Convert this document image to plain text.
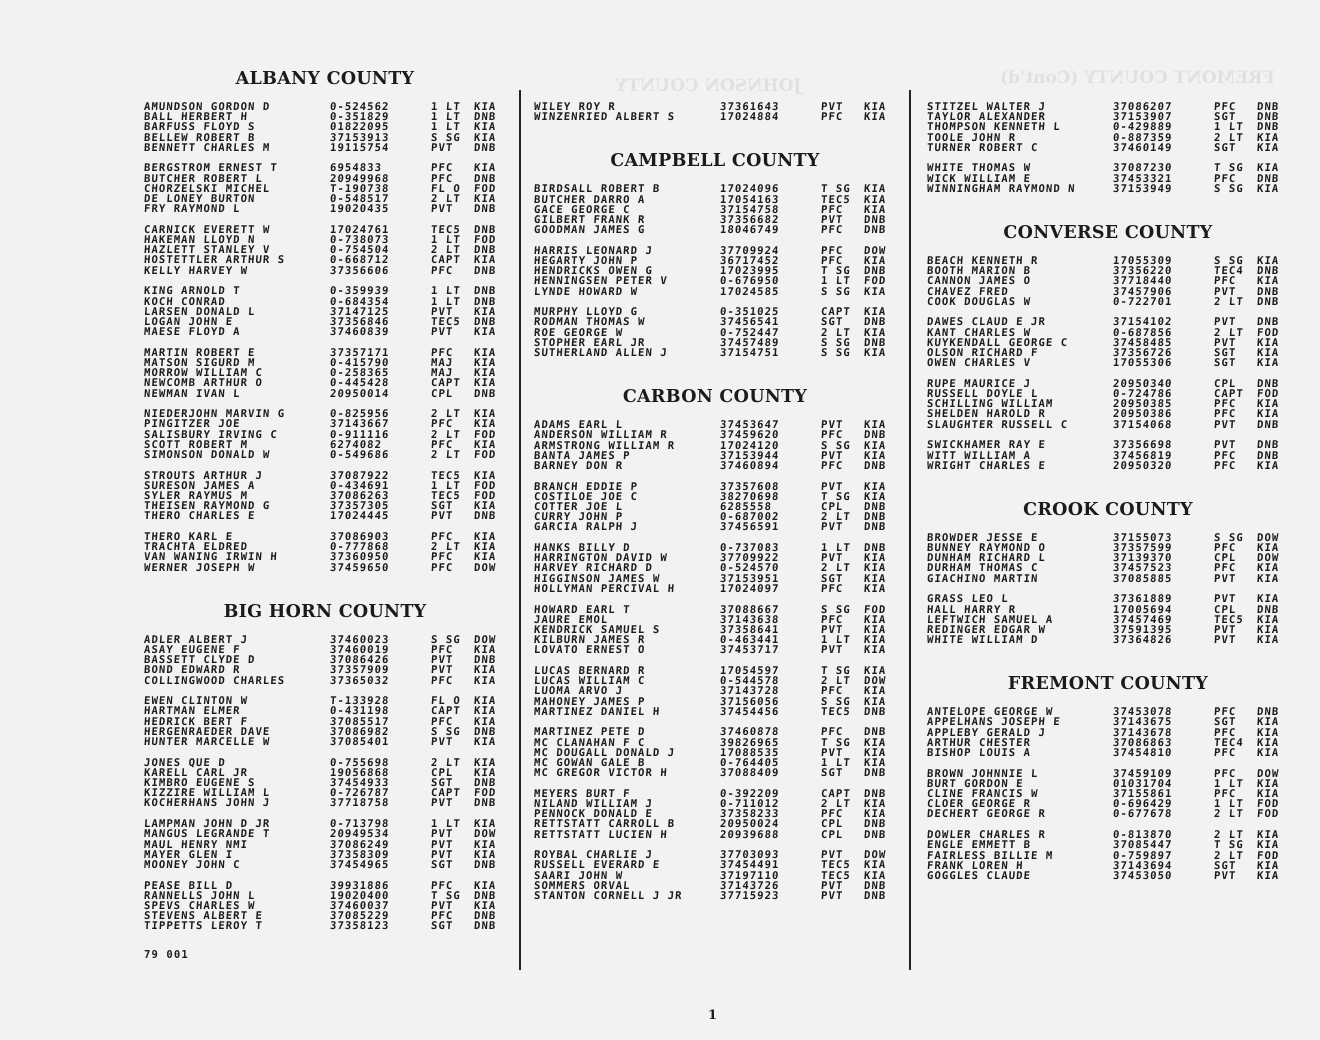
JOHNSON COUNTY	FREMONT COUNTY (Cont'd)
ALBANY COUNTY
AMUNDSON GORDON D	0-524562	1 LT KIA
BALL HERBERT H	0-351829	1 LT DNB
BARFUSS FLOYD S	01822095	1 LT KIA
BELLEW ROBERT B	37153913	S SG KIA
BENNETT CHARLES M	19115754	PVT DNB
BERGSTROM ERNEST T	6954833	PFC KIA
BUTCHER ROBERT L	20949968	PFC DNB
CHORZELSKI MICHEL	T-190738	FL O FOD
DE LONEY BURTON	0-548517	2 LT KIA
FRY RAYMOND L	19020435	PVT DNB
CARNICK EVERETT W	17024761	TEC5 DNB
HAKEMAN LLOYD N	0-738073	1 LT FOD
HAZLETT STANLEY V	0-754504	2 LT DNB
HOSTETTLER ARTHUR S	0-668712	CAPT KIA
KELLY HARVEY W	37356606	PFC DNB
KING ARNOLD T	0-359939	1 LT DNB
KOCH CONRAD	0-684354	1 LT DNB
LARSEN DONALD L	37147125	PVT KIA
LOGAN JOHN E	37356846	TEC5 DNB
MAESE FLOYD A	37460839	PVT KIA
MARTIN ROBERT E	37357171	PFC KIA
MATSON SIGURD M	0-415790	MAJ KIA
MORROW WILLIAM C	0-258365	MAJ KIA
NEWCOMB ARTHUR O	0-445428	CAPT KIA
NEWMAN IVAN L	20950014	CPL DNB
NIEDERJOHN MARVIN G	0-825956	2 LT KIA
PINGITZER JOE	37143667	PFC KIA
SALISBURY IRVING C	0-911116	2 LT FOD
SCOTT ROBERT M	6274082	PFC KIA
SIMONSON DONALD W	0-549686	2 LT FOD
STROUTS ARTHUR J	37087922	TEC5 KIA
SURESON JAMES A	0-434691	1 LT FOD
SYLER RAYMUS M	37086263	TEC5 FOD
THEISEN RAYMOND G	37357305	SGT KIA
THERO CHARLES E	17024445	PVT DNB
THERO KARL E	37086903	PFC KIA
TRACHTA ELDRED	0-777868	2 LT KIA
VAN WANING IRWIN H	37360950	PFC KIA
WERNER JOSEPH W	37459650	PFC DOW
BIG HORN COUNTY
ADLER ALBERT J	37460023	S SG DOW
ASAY EUGENE F	37460019	PFC KIA
BASSETT CLYDE D	37086426	PVT DNB
BOND EDWARD R	37357909	PVT KIA
COLLINGWOOD CHARLES	37365032	PFC KIA
EWEN CLINTON W	T-133928	FL O KIA
HARTMAN ELMER	0-431198	CAPT KIA
HEDRICK BERT F	37085517	PFC KIA
HERGENRAEDER DAVE	37086982	S SG DNB
HUNTER MARCELLE W	37085401	PVT KIA
JONES QUE D	0-755698	2 LT KIA
KARELL CARL JR	19056868	CPL KIA
KIMBRO EUGENE S	37454933	SGT DNB
KIZZIRE WILLIAM L	0-726787	CAPT FOD
KOCHERHANS JOHN J	37718758	PVT DNB
LAMPMAN JOHN D JR	0-713798	1 LT KIA
MANGUS LEGRANDE T	20949534	PVT DOW
MAUL HENRY NMI	37086249	PVT KIA
MAYER GLEN I	37358309	PVT KIA
MOONEY JOHN C	37454965	SGT DNB
PEASE BILL D	39931886	PFC KIA
RANNELLS JOHN L	19020400	T SG DNB
SPEVS CHARLES W	37460037	PVT KIA
STEVENS ALBERT E	37085229	PFC DNB
TIPPETTS LEROY T	37358123	SGT DNB
WILEY ROY R	37361643	PVT KIA
WINZENRIED ALBERT S	17024884	PFC KIA
CAMPBELL COUNTY
BIRDSALL ROBERT B	17024096	T SG KIA
BUTCHER DARRO A	17054163	TEC5 KIA
GACE GEORGE C	37154758	PFC KIA
GILBERT FRANK R	37356682	PVT DNB
GOODMAN JAMES G	18046749	PFC DNB
HARRIS LEONARD J	37709924	PFC DOW
HEGARTY JOHN P	36717452	PFC KIA
HENDRICKS OWEN G	17023995	T SG DNB
HENNINGSEN PETER V	0-676950	1 LT FOD
LYNDE HOWARD W	17024585	S SG KIA
MURPHY LLOYD G	0-351025	CAPT KIA
RODMAN THOMAS W	37456541	SGT DNB
ROE GEORGE W	0-752447	2 LT KIA
STOPHER EARL JR	37457489	S SG DNB
SUTHERLAND ALLEN J	37154751	S SG KIA
CARBON COUNTY
ADAMS EARL L	37453647	PVT KIA
ANDERSON WILLIAM R	37459620	PFC DNB
ARMSTRONG WILLIAM R	17024120	S SG KIA
BANTA JAMES P	37153944	PVT KIA
BARNEY DON R	37460894	PFC DNB
BRANCH EDDIE P	37357608	PVT KIA
COSTILOE JOE C	38270698	T SG KIA
COTTER JOE L	6285558	CPL DNB
CURRY JOHN P	0-687002	2 LT DNB
GARCIA RALPH J	37456591	PVT DNB
HANKS BILLY D	0-737083	1 LT DNB
HARRINGTON DAVID W	37709922	PVT KIA
HARVEY RICHARD D	0-524570	2 LT KIA
HIGGINSON JAMES W	37153951	SGT KIA
HOLLYMAN PERCIVAL H	17024097	PFC KIA
HOWARD EARL T	37088667	S SG FOD
JAURE EMOL	37143638	PFC KIA
KENDRICK SAMUEL S	37358641	PVT KIA
KILBURN JAMES R	0-463441	1 LT KIA
LOVATO ERNEST O	37453717	PVT KIA
LUCAS BERNARD R	17054597	T SG KIA
LUCAS WILLIAM C	0-544578	2 LT DOW
LUOMA ARVO J	37143728	PFC KIA
MAHONEY JAMES P	37156056	S SG KIA
MARTINEZ DANIEL H	37454456	TEC5 DNB
MARTINEZ PETE D	37460878	PFC DNB
MC CLANAHAN F C	39826965	T SG KIA
MC DOUGALL DONALD J	17088535	PVT KIA
MC GOWAN GALE B	0-764405	1 LT KIA
MC GREGOR VICTOR H	37088409	SGT DNB
MEYERS BURT F	0-392209	CAPT DNB
NILAND WILLIAM J	0-711012	2 LT KIA
PENNOCK DONALD E	37358233	PFC KIA
RETTSTATT CARROLL B	20950024	CPL DNB
RETTSTATT LUCIEN H	20939688	CPL DNB
ROYBAL CHARLIE J	37703093	PVT DOW
RUSSELL EVERARD E	37454491	TEC5 KIA
SAARI JOHN W	37197110	TEC5 KIA
SOMMERS ORVAL	37143726	PVT DNB
STANTON CORNELL J JR	37715923	PVT DNB
STITZEL WALTER J	37086207	PFC DNB
TAYLOR ALEXANDER	37153907	SGT DNB
THOMPSON KENNETH L	0-429889	1 LT DNB
TOOLE JOHN R	0-887359	2 LT KIA
TURNER ROBERT C	37460149	SGT KIA
WHITE THOMAS W	37087230	T SG KIA
WICK WILLIAM E	37453321	PFC DNB
WINNINGHAM RAYMOND N	37153949	S SG KIA
CONVERSE COUNTY
BEACH KENNETH R	17055309	S SG KIA
BOOTH MARION B	37356220	TEC4 DNB
CANNON JAMES O	37718440	PFC KIA
CHAVEZ FRED	37457906	PVT DNB
COOK DOUGLAS W	0-722701	2 LT DNB
DAWES CLAUD E JR	37154102	PVT DNB
KANT CHARLES W	0-687856	2 LT FOD
KUYKENDALL GEORGE C	37458485	PVT KIA
OLSON RICHARD F	37356726	SGT KIA
OWEN CHARLES V	17055306	SGT KIA
RUPE MAURICE J	20950340	CPL DNB
RUSSELL DOYLE L	0-724786	CAPT FOD
SCHILLING WILLIAM	20950385	PFC KIA
SHELDEN HAROLD R	20950386	PFC KIA
SLAUGHTER RUSSELL C	37154068	PVT DNB
SWICKHAMER RAY E	37356698	PVT DNB
WITT WILLIAM A	37456819	PFC DNB
WRIGHT CHARLES E	20950320	PFC KIA
CROOK COUNTY
BROWDER JESSE E	37155073	S SG DOW
BUNNEY RAYMOND O	37357599	PFC KIA
DUNHAM RICHARD L	37139370	CPL DOW
DURHAM THOMAS C	37457523	PFC KIA
GIACHINO MARTIN	37085885	PVT KIA
GRASS LEO L	37361889	PVT KIA
HALL HARRY R	17005694	CPL DNB
LEFTWICH SAMUEL A	37457469	TEC5 KIA
REDINGER EDGAR W	37591395	PVT KIA
WHITE WILLIAM D	37364826	PVT KIA
FREMONT COUNTY
ANTELOPE GEORGE W	37453078	PFC DNB
APPELHANS JOSEPH E	37143675	SGT KIA
APPLEBY GERALD J	37143678	PFC KIA
ARTHUR CHESTER	37086863	TEC4 KIA
BISHOP LOUIS A	37454810	PFC KIA
BROWN JOHNNIE L	37459109	PFC DOW
BURT GORDON E	01031704	1 LT KIA
CLINE FRANCIS W	37155861	PFC KIA
CLOER GEORGE R	0-696429	1 LT FOD
DECHERT GEORGE R	0-677678	2 LT FOD
DOWLER CHARLES R	0-813870	2 LT KIA
ENGLE EMMETT B	37085447	T SG KIA
FAIRLESS BILLIE M	0-759897	2 LT FOD
FRANK LOREN H	37143694	SGT KIA
GOGGLES CLAUDE	37453050	PVT KIA
79 001
1
